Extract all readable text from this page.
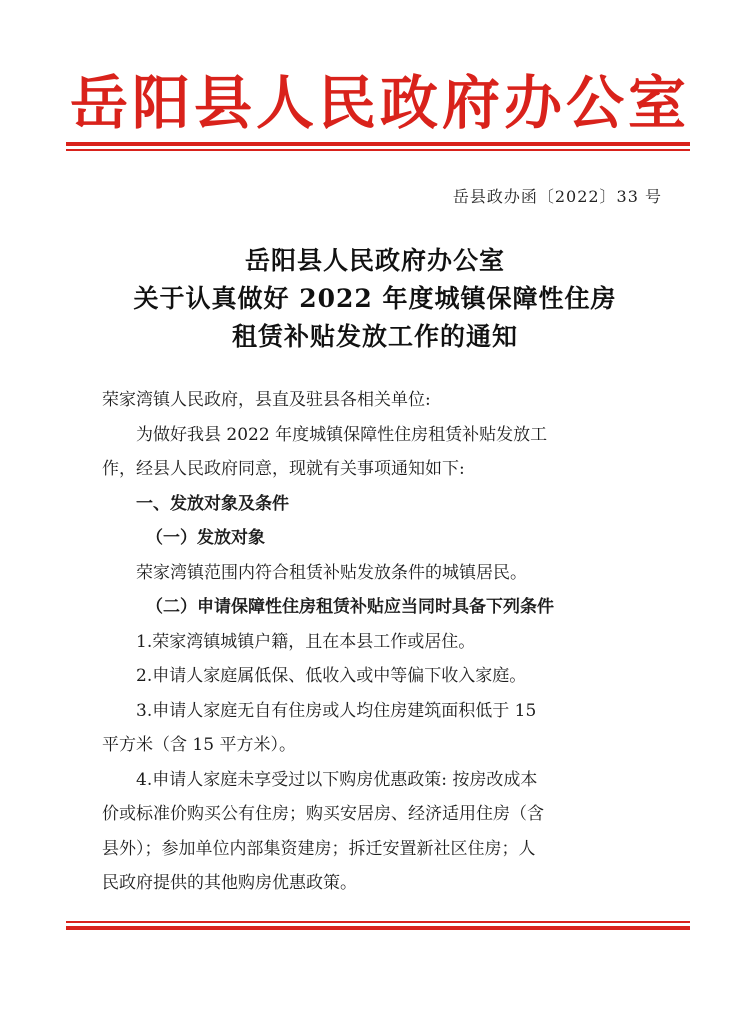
岳阳县人民政府办公室
岳县政办函〔2022〕33 号
岳阳县人民政府办公室
关于认真做好 2022 年度城镇保障性住房
租赁补贴发放工作的通知

荣家湾镇人民政府，县直及驻县各相关单位:

为做好我县 2022 年度城镇保障性住房租赁补贴发放工

作，经县人民政府同意，现就有关事项通知如下:

一、发放对象及条件

（一）发放对象

荣家湾镇范围内符合租赁补贴发放条件的城镇居民。

（二）申请保障性住房租赁补贴应当同时具备下列条件

1.荣家湾镇城镇户籍，且在本县工作或居住。

2.申请人家庭属低保、低收入或中等偏下收入家庭。

3.申请人家庭无自有住房或人均住房建筑面积低于 15

平方米（含 15 平方米）。

4.申请人家庭未享受过以下购房优惠政策: 按房改成本

价或标准价购买公有住房；购买安居房、经济适用住房（含

县外）；参加单位内部集资建房；拆迁安置新社区住房；人

民政府提供的其他购房优惠政策。
